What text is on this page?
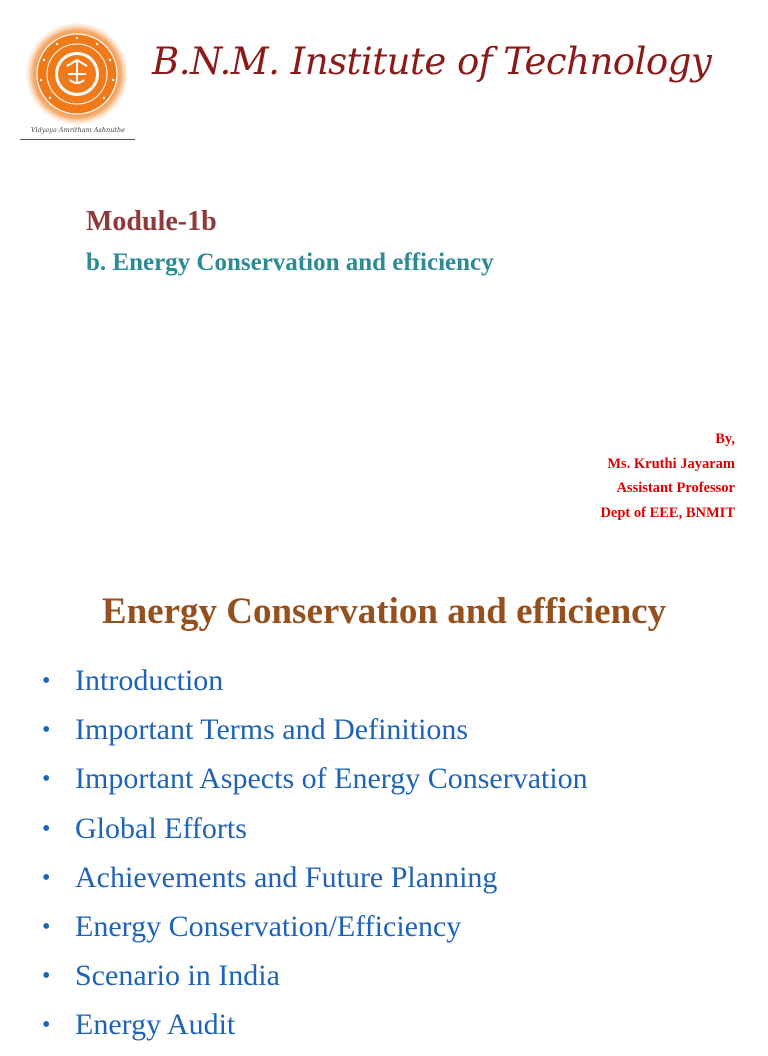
Vidyaya Amritham Ashnuthe
B.N.M. Institute of Technology
Module-1b
b. Energy Conservation and efficiency
By,
Ms. Kruthi Jayaram
Assistant Professor
Dept of EEE, BNMIT
Energy Conservation and efficiency
• Introduction
• Important Terms and Definitions
• Important Aspects of Energy Conservation
• Global Efforts
• Achievements and Future Planning
• Energy Conservation/Efficiency
• Scenario in India
• Energy Audit
